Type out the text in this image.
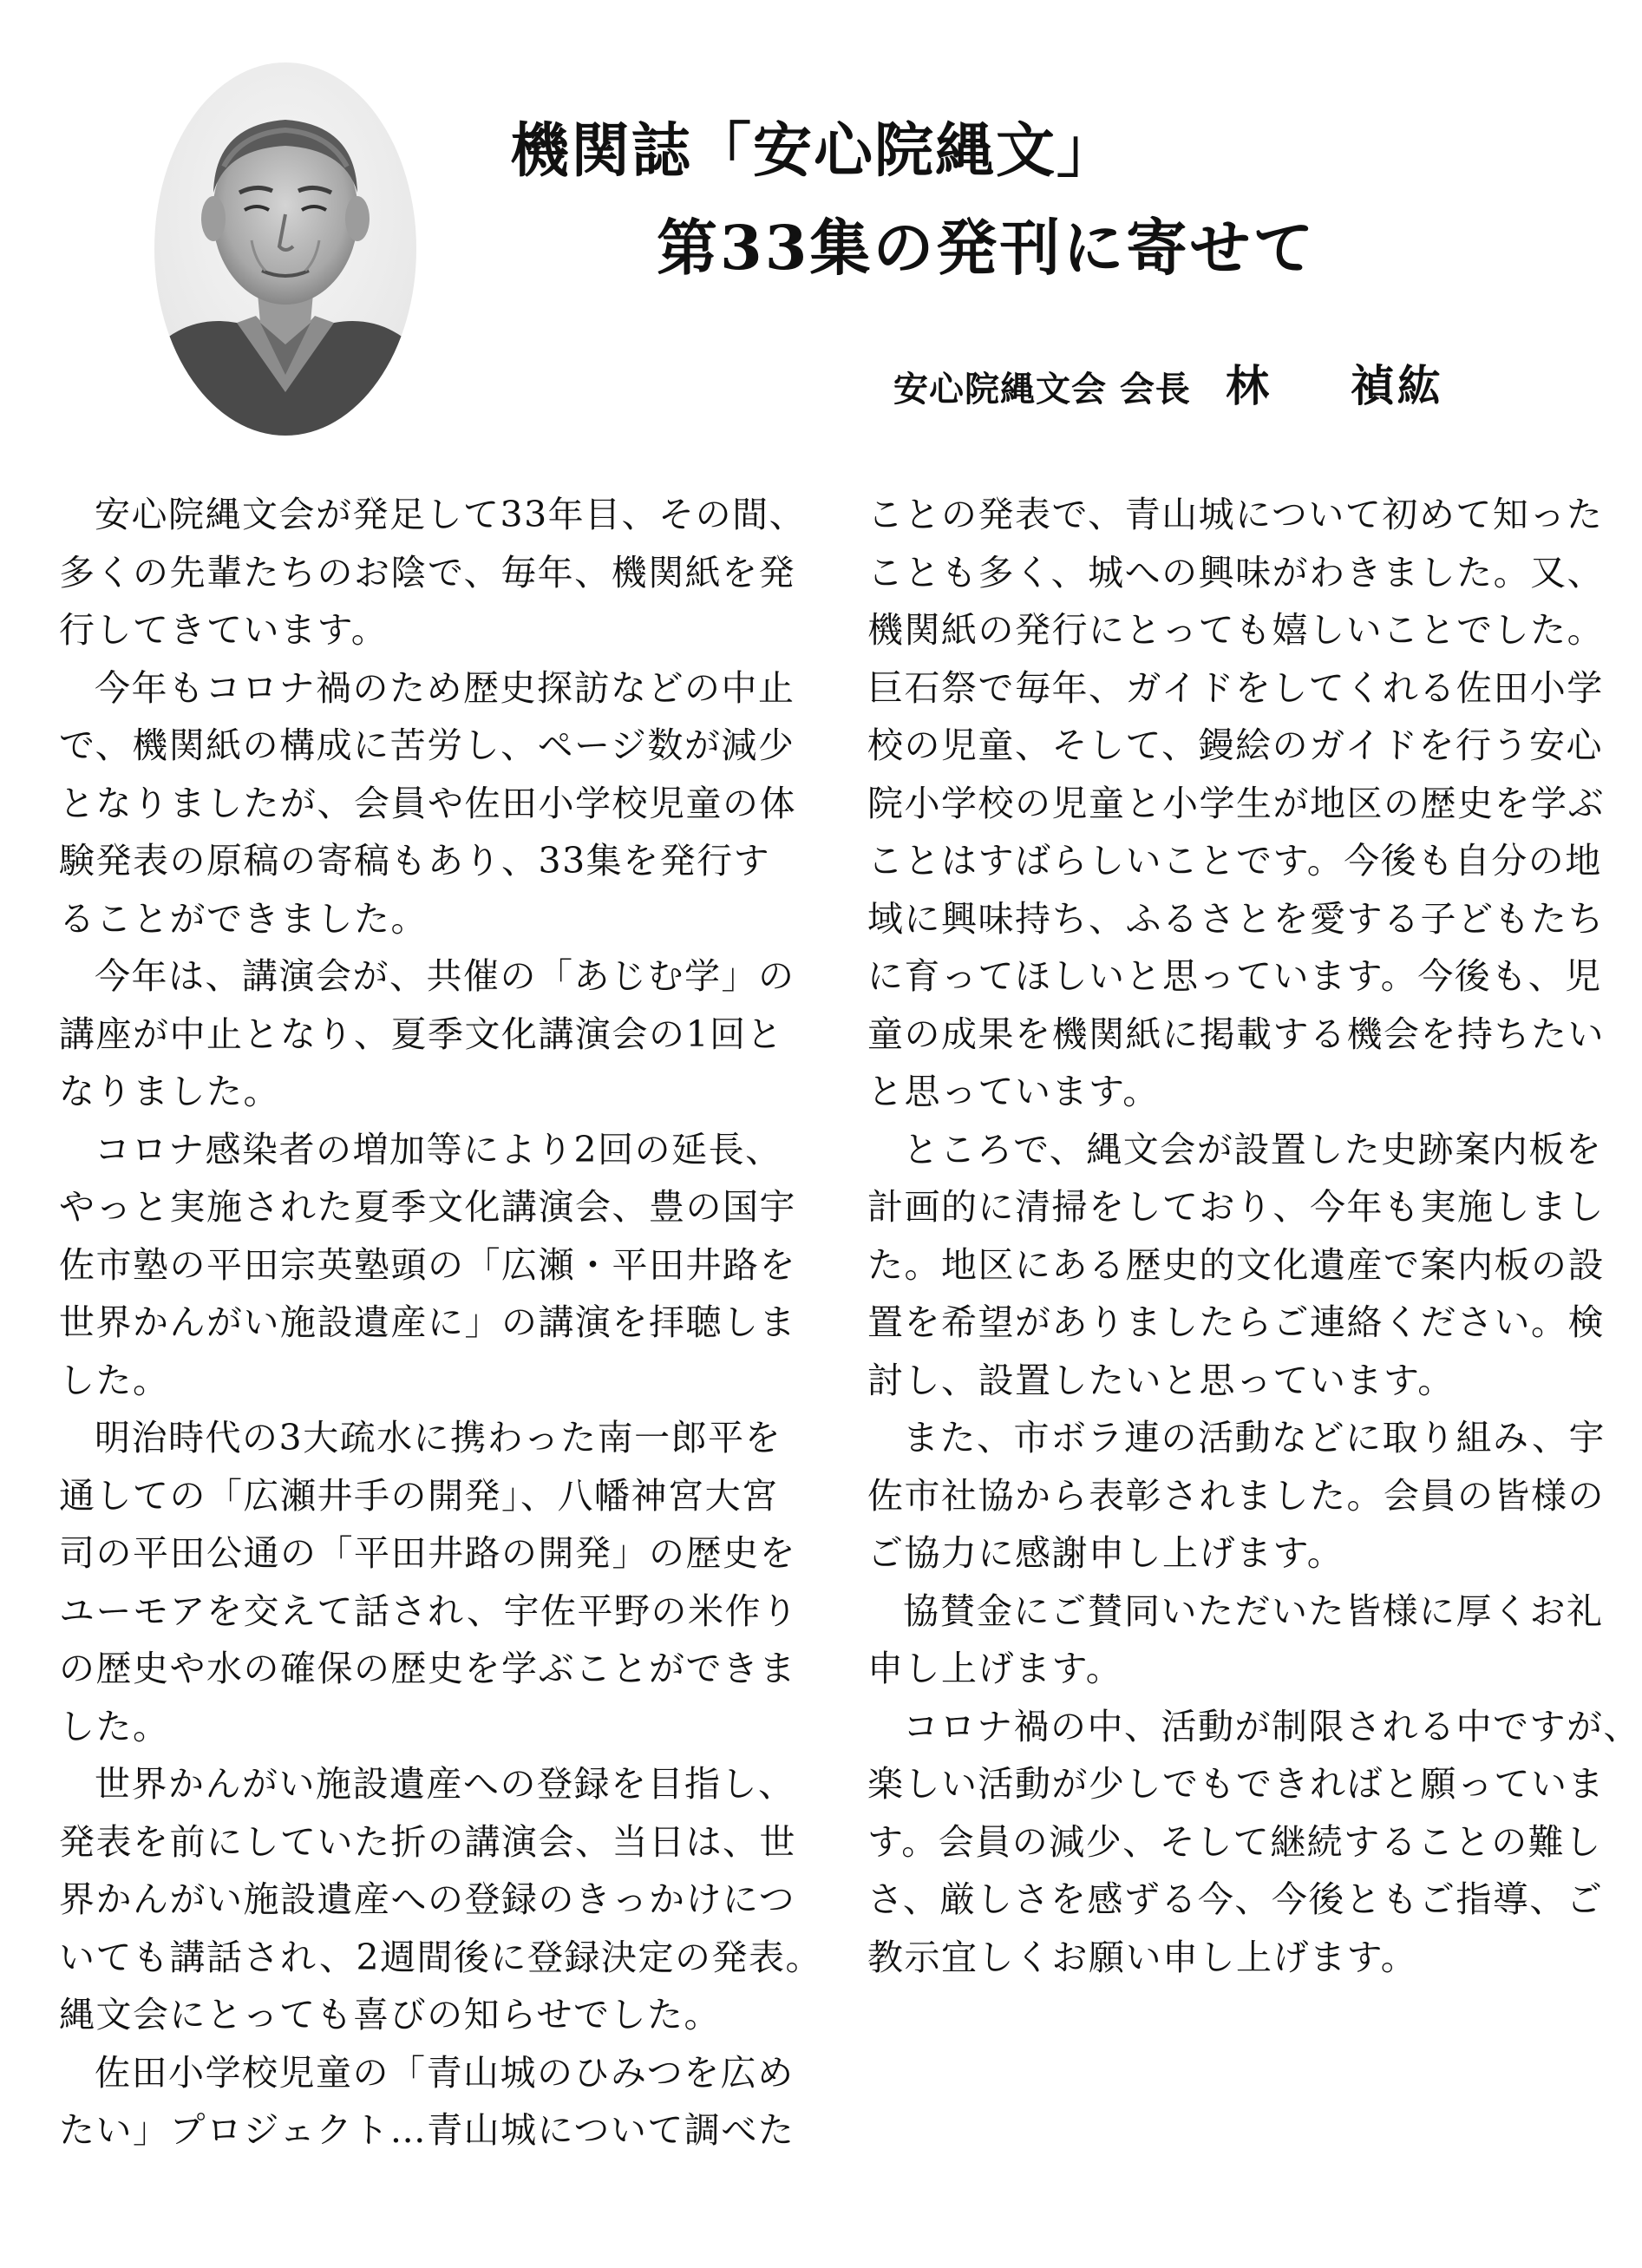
機関誌「安心院縄文」
第33集の発刊に寄せて
安心院縄文会 会長 林 禎紘
安心院縄文会が発足して33年目、その間、
多くの先輩たちのお陰で、毎年、機関紙を発
行してきています。
今年もコロナ禍のため歴史探訪などの中止
で、機関紙の構成に苦労し、ページ数が減少
となりましたが、会員や佐田小学校児童の体
験発表の原稿の寄稿もあり、33集を発行す
ることができました。
今年は、講演会が、共催の「あじむ学」の
講座が中止となり、夏季文化講演会の1回と
なりました。
コロナ感染者の増加等により2回の延長、
やっと実施された夏季文化講演会、豊の国宇
佐市塾の平田宗英塾頭の「広瀬・平田井路を
世界かんがい施設遺産に」の講演を拝聴しま
した。
明治時代の3大疏水に携わった南一郎平を
通しての「広瀬井手の開発」、八幡神宮大宮
司の平田公通の「平田井路の開発」の歴史を
ユーモアを交えて話され、宇佐平野の米作り
の歴史や水の確保の歴史を学ぶことができま
した。
世界かんがい施設遺産への登録を目指し、
発表を前にしていた折の講演会、当日は、世
界かんがい施設遺産への登録のきっかけにつ
いても講話され、2週間後に登録決定の発表。
縄文会にとっても喜びの知らせでした。
佐田小学校児童の「青山城のひみつを広め
たい」プロジェクト…青山城について調べた
ことの発表で、青山城について初めて知った
ことも多く、城への興味がわきました。又、
機関紙の発行にとっても嬉しいことでした。
巨石祭で毎年、ガイドをしてくれる佐田小学
校の児童、そして、鏝絵のガイドを行う安心
院小学校の児童と小学生が地区の歴史を学ぶ
ことはすばらしいことです。今後も自分の地
域に興味持ち、ふるさとを愛する子どもたち
に育ってほしいと思っています。今後も、児
童の成果を機関紙に掲載する機会を持ちたい
と思っています。
ところで、縄文会が設置した史跡案内板を
計画的に清掃をしており、今年も実施しまし
た。地区にある歴史的文化遺産で案内板の設
置を希望がありましたらご連絡ください。検
討し、設置したいと思っています。
また、市ボラ連の活動などに取り組み、宇
佐市社協から表彰されました。会員の皆様の
ご協力に感謝申し上げます。
協賛金にご賛同いただいた皆様に厚くお礼
申し上げます。
コロナ禍の中、活動が制限される中ですが、
楽しい活動が少しでもできればと願っていま
す。会員の減少、そして継続することの難し
さ、厳しさを感ずる今、今後ともご指導、ご
教示宜しくお願い申し上げます。
